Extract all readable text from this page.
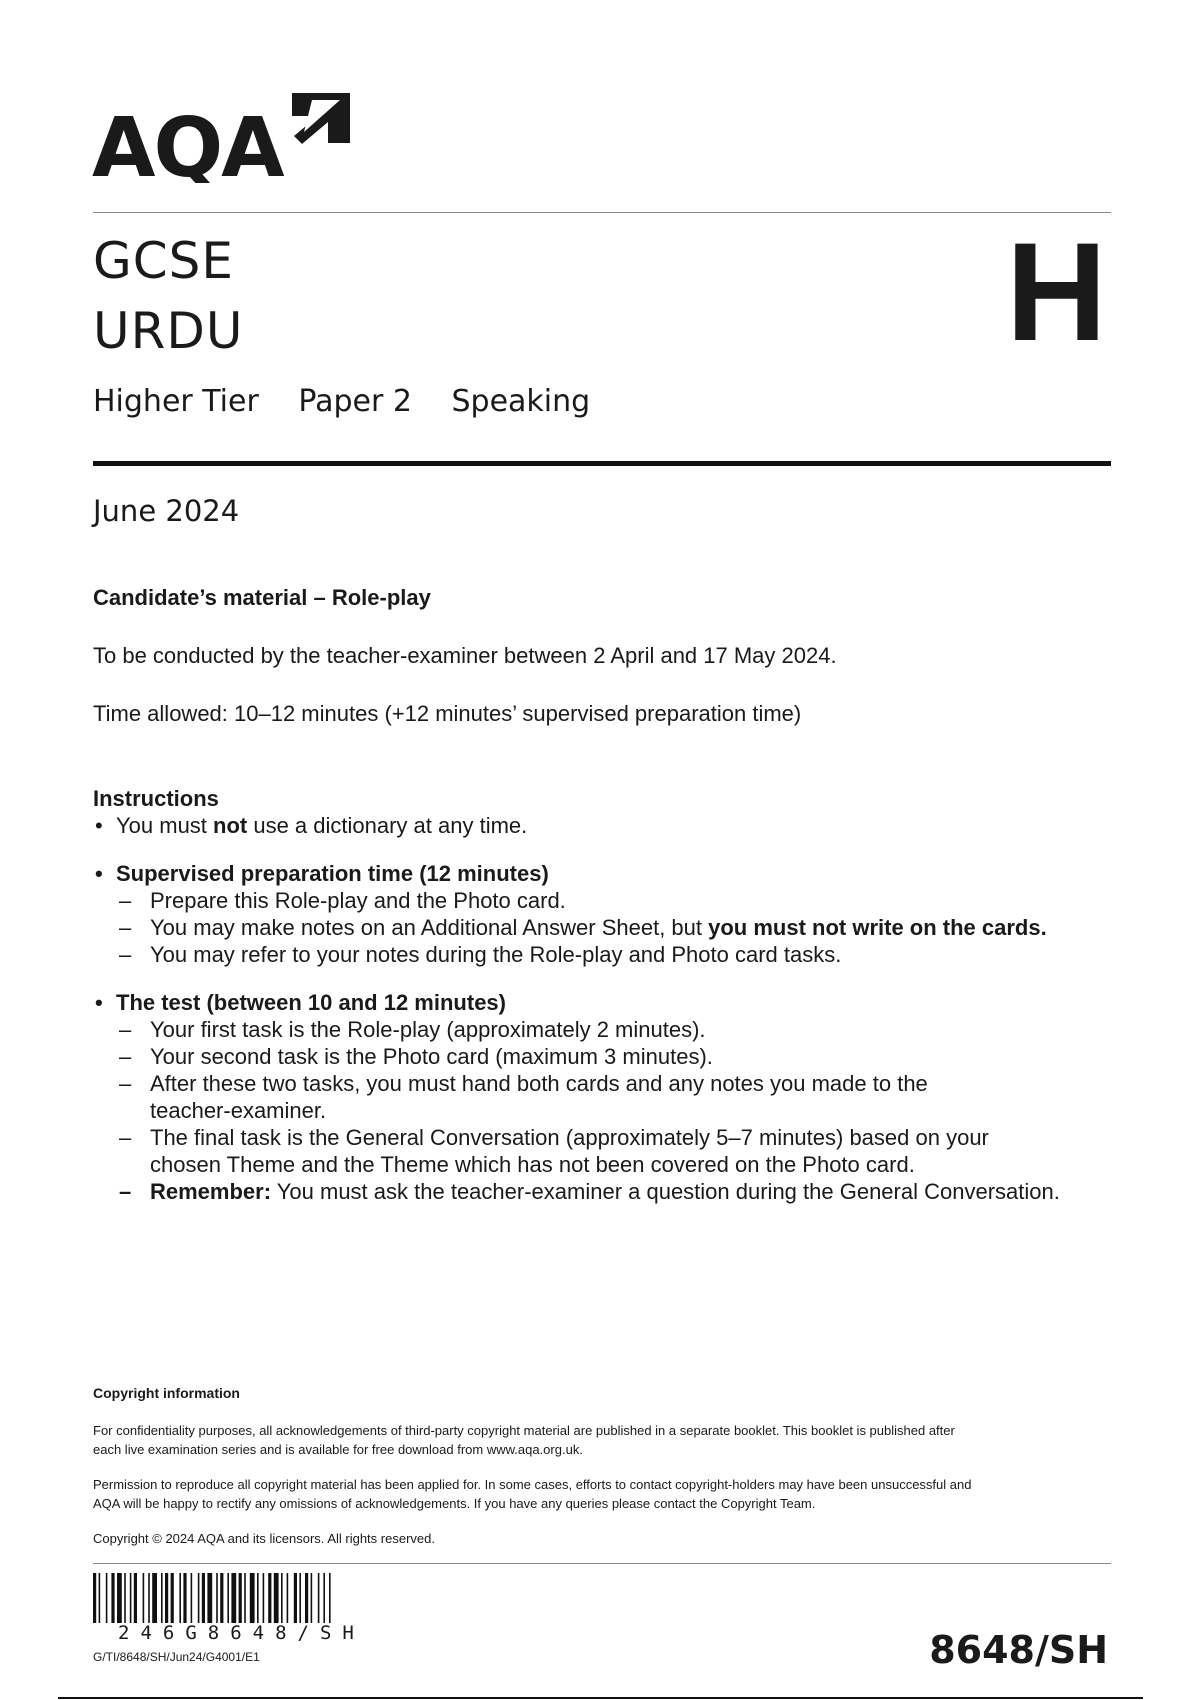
AQA
GCSE
URDU	H
Higher Tier Paper 2 Speaking
June 2024
Candidate’s material – Role-play
To be conducted by the teacher-examiner between 2 April and 17 May 2024.
Time allowed: 10–12 minutes (+12 minutes’ supervised preparation time)
Instructions
• You must not use a dictionary at any time.
• Supervised preparation time (12 minutes)
– Prepare this Role-play and the Photo card.
– You may make notes on an Additional Answer Sheet, but you must not write on the cards.
– You may refer to your notes during the Role-play and Photo card tasks.
• The test (between 10 and 12 minutes)
– Your first task is the Role-play (approximately 2 minutes).
– Your second task is the Photo card (maximum 3 minutes).
– After these two tasks, you must hand both cards and any notes you made to the
teacher-examiner.
– The final task is the General Conversation (approximately 5–7 minutes) based on your
chosen Theme and the Theme which has not been covered on the Photo card.
– Remember: You must ask the teacher-examiner a question during the General Conversation.
Copyright information
For confidentiality purposes, all acknowledgements of third-party copyright material are published in a separate booklet. This booklet is published after
each live examination series and is available for free download from www.aqa.org.uk.
Permission to reproduce all copyright material has been applied for. In some cases, efforts to contact copyright-holders may have been unsuccessful and
AQA will be happy to rectify any omissions of acknowledgements. If you have any queries please contact the Copyright Team.
Copyright © 2024 AQA and its licensors. All rights reserved.
246G8648/SH
G/TI/8648/SH/Jun24/G4001/E1	8648/SH
